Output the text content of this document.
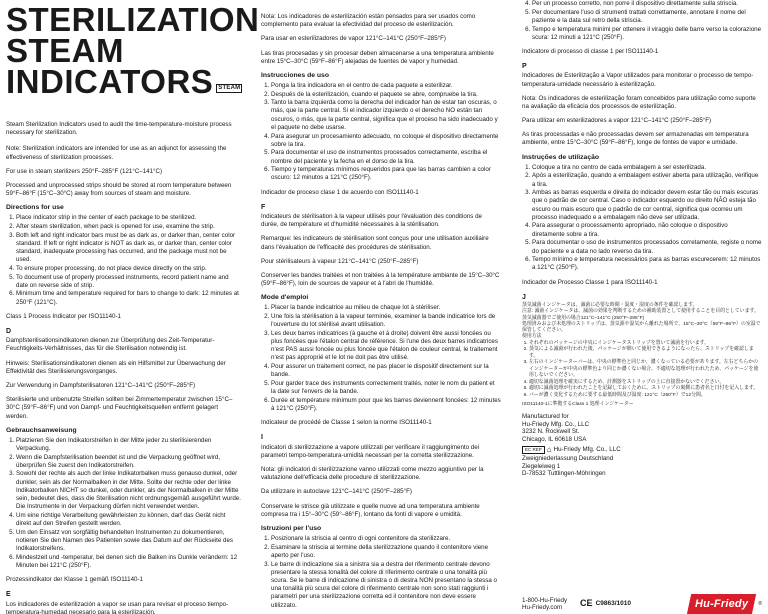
STERILIZATION
STEAM
INDICATORS STEAM

Steam Sterilization Indicators used to audit the time-temperature-moisture process necessary for sterilization.

Note: Sterilization indicators are intended for use as an adjunct for assessing the effectiveness of sterilization processes.

For use in steam sterilizers 250°F–285°F (121°C–141°C)

Processed and unprocessed strips should be stored at room temperature between 59°F–86°F (15°C–30°C) away from sources of steam and moisture.

Directions for use
1. Place indicator strip in the center of each package to be sterilized.
2. After steam sterilization, when pack is opened for use, examine the strip.
3. Both left and right indicator bars must be as dark as, or darker than, center color standard. If left or right indicator is NOT as dark as, or darker than, center color standard, inadequate processing has occurred, and the package must not be used.
4. To ensure proper processing, do not place device directly on the strip.
5. To document use of properly processed instruments, record patient name and date on reverse side of strip.
6. Minimum time and temperature required for bars to change to dark: 12 minutes at 250°F (121°C).

Class 1 Process Indicator per ISO11140-1

D

Dampfsterilisationsindikatoren dienen zur Überprüfung des Zeit-Temperatur-Feuchtigkeits-Verhältnisses, das für die Sterilisation notwendig ist.

Hinweis: Sterilisationsindikatoren dienen als ein Hilfsmittel zur Überwachung der Effektivität des Sterilisierungsvorganges.

Zur Verwendung in Dampfsterilisatoren 121°C–141°C (250°F–285°F)

Sterilisierte und unbenutzte Streifen sollten bei Zimmertemperatur zwischen 15°C–30°C (59°F–86°F) und von Dampf- und Feuchtigkeitsquellen entfernt gelagert werden.

Gebrauchsanweisung
1. Platzieren Sie den Indikatorstreifen in der Mitte jeder zu sterilisierenden Verpackung.
2. Wenn die Dampfsterilisation beendet ist und die Verpackung geöffnet wird, überprüfen Sie zuerst den Indikatorstreifen.
3. Sowohl der rechte als auch der linke Indikatorbalken muss genauso dunkel, oder dunkler, sein als der Normalbalken in der Mitte. Sollte der rechte oder der linke Indikatorbalken NICHT so dunkel, oder dunkler, als der Normalbalken in der Mitte sein, bedeutet dies, dass die Sterilisation nicht ordnungsgemäß ausgeführt wurde. Die Instrumente in der Verpackung dürfen nicht verwendet werden.
4. Um eine richtige Verarbeitung gewährleisten zu können, darf das Gerät nicht direkt auf den Streifen gestellt werden.
5. Um den Einsatz von sorgfältig behandelten Instrumenten zu dokumentieren, notieren Sie den Namen des Patienten sowie das Datum auf der Rückseite des Indikatorstreifens.
6. Mindestzeit und -temperatur, bei denen sich die Balken ins Dunkle verändern: 12 Minuten bei 121°C (250°F).

Prozessindikator der Klasse 1 gemäß ISO11140-1

E

Los indicadores de esterilización a vapor se usan para revisar el proceso tiempo-temperatura-humedad necesario para la esterilización.

Nota: Los indicadores de esterilización están pensados para ser usados como complemento para evaluar la efectividad del proceso de esterilización.

Para usar en esterilizadores de vapor 121°C–141°C (250°F–285°F)

Las tiras procesadas y sin procesar deben almacenarse a una temperatura ambiente entre 15°C–30°C (59°F–86°F) alejadas de fuentes de vapor y humedad.

Instrucciones de uso
1. Ponga la tira indicadora en el centro de cada paquete a esterilizar.
2. Después de la esterilización, cuando el paquete se abre, compruebe la tira.
3. Tanto la barra izquierda como la derecha del indicador han de estar tan oscuras, o más, que la parte central. Si el indicador izquierdo o el derecho NO están tan oscuros, o más, que la parte central, significa que el proceso ha sido inadecuado y el paquete no debe usarse.
4. Para asegurar un procesamiento adecuado, no coloque el dispositivo directamente sobre la tira.
5. Para documentar el uso de instrumentos procesados correctamente, escriba el nombre del paciente y la fecha en el dorso de la tira.
6. Tiempo y temperaturas mínimos requeridos para que las barras cambien a color oscuro: 12 minutos a 121°C (250°F).

Indicador de proceso clase 1 de acuerdo con ISO11140-1

F

Indicateurs de stérilisation à la vapeur utilisés pour l'évaluation des conditions de durée, de température et d'humidité nécessaires à la stérilisation.

Remarque: les indicateurs de stérilisation sont conçus pour une utilisation auxiliaire dans l'évaluation de l'efficacité des procédures de stérilisation.

Pour stérilisateurs à vapeur 121°C–141°C (250°F–285°F)

Conserver les bandes traitées et non traitées à la température ambiante de 15°C–30°C (59°F–86°F), loin de sources de vapeur et à l'abri de l'humidité.

Mode d'emploi
1. Placer la bande indicatrice au milieu de chaque lot à stériliser.
2. Une fois la stérilisation à la vapeur terminée, examiner la bande indicatrice lors de l'ouverture du lot stérilisé avant utilisation.
3. Les deux barres indicatrices (à gauche et à droite) doivent être aussi foncées ou plus foncées que l'étalon central de référence. Si l'une des deux barres indicatrices n'est PAS aussi foncée ou plus foncée que l'étalon de couleur central, le traitement n'est pas approprié et le lot ne doit pas être utilisé.
4. Pour assurer un traitement correct, ne pas placer le dispositif directement sur la bande.
5. Pour garder trace des instruments correctement traités, noter le nom du patient et la date sur l'envers de la bande.
6. Durée et température minimum pour que les barres deviennent foncées: 12 minutes à 121°C (250°F).

Indicateur de procédé de Classe 1 selon la norme ISO11140-1

I

Indicatori di sterilizzazione a vapore utilizzati per verificare il raggiungimento dei parametri tempo-temperatura-umidità necessari per la corretta sterilizzazione.

Nota: gli indicatori di sterilizzazione vanno utilizzati come mezzo aggiuntivo per la valutazione dell'efficacia delle procedure di sterilizzazione.

Da utilizzare in autoclave 121°C–141°C (250°F–285°F)

Conservare le strisce già utilizzate e quelle nuove ad una temperatura ambiente compresa tra i 15°–30°C (59°–86°F), lontano da fonti di vapore e umidità.

Istruzioni per l'uso
1. Posizionare la striscia al centro di ogni contenitore da sterilizzare.
2. Esaminare la striscia al termine della sterilizzazione quando il contenitore viene aperto per l'uso.
3. Le barre di indicazione sia a sinistra sia a destra del riferimento centrale devono presentare la stessa tonalità del colore di riferimento centrale o una tonalità più scura. Se le barre di indicazione di sinistra o di destra NON presentano la stessa o una tonalità più scura del colore di riferimento centrale non sono stati raggiunti i parametri per una sterilizzazione corretta ed il contenitore non deve essere utilizzato.
4. Per un processo corretto, non porre il dispositivo direttamente sulla striscia.
5. Per documentare l'uso di strumenti trattati correttamente, annotare il nome del paziente e la data sul retro della striscia.
6. Tempo e temperatura minimi per ottenere il viraggio delle barre verso la colorazione scura: 12 minuti a 121°C (250°F).

Indicatore di processo di classe 1 per ISO11140-1

P

Indicadores de Esterilização a Vapor utilizados para monitorar o processo de tempo-temperatura-umidade necessário à esterilização.

Nota: Os indicadores de esterilização foram concebidos para utilização como suporte na avaliação da eficácia dos processos de esterilização.

Para utilizar em esterilizadores a vapor 121°C–141°C (250°F–285°F)

As tiras processadas e não processadas devem ser armazenadas em temperatura ambiente, entre 15°C–30°C (59°F–86°F), longe de fontes de vapor e umidade.

Instruções de utilização
1. Coloque a tira no centro de cada embalagem a ser esterilizada.
2. Após a esterilização, quando a embalagem estiver aberta para utilização, verifique a tira.
3. Ambas as barras esquerda e direita do indicador devem estar tão ou mais escuras que o padrão de cor central. Caso o indicador esquerdo ou direito NÃO esteja tão escuro ou mais escuro que o padrão de cor central, significa que ocorreu um processo inadequado e a embalagem não deve ser utilizada.
4. Para assegurar o processamento apropriado, não coloque o dispositivo diretamente sobre a tira.
5. Para documentar o uso de instrumentos processados corretamente, registe o nome do paciente e a data no lado reverso da tira.
6. Tempo mínimo e temperatura necessários para as barras escurecerem: 12 minutos a 121°C (250°F).

Indicador de Processo Classe 1 para ISO11140-1

J
蒸気滅菌インジケータは、滅菌に必要な時間・温度・湿度の条件を確認します。
注意: 滅菌インジケータは、滅菌の効果を判断するための補助装置として使用することを目的としています。
蒸気滅菌器でご使用の場合121°C–141°C (250°F–285°F)
処理済みおよび未処理のストリップは、蒸気源や湿気から離れた場所で、15°C–30°C（59°F–86°F）の室温で保管してください。
使用方法
1. それぞれのパッケージの中央にインジケータストリップを置いて滅菌を行います。
2. 蒸気による滅菌が行われた後、パッケージが開いて使用できるようになったら、ストリップを確認します。
3. 左右のインジケーターバーは、中央の標準色と同じか、濃くなっている必要があります。左右どちらかのインジケーターが中央の標準色より同じか濃くない場合、不適切な処理が行われたため、パッケージを使用しないでください。
4. 適切な滅菌処理を確実にするため、計測器をストリップの上に直接置かないでください。
5. 適切に滅菌処理が行われたことを記録しておくために、ストリップの裏側に患者名と日付を記入します。
6. バーが濃く変化するために要する最低時間及び温度: 121°C（250°F）で12分間。
ISO11140-1に準拠するClass 1 処理インジケーター
Manufactured for
Hu-Friedy Mfg. Co., LLC
3232 N. Rockwell St.
Chicago, IL 60618 USA
EC REP ⌂ Hu-Friedy Mfg. Co., LLC
Zweigniederlassung Deutschland
Ziegeleiweg 1
D-78532 Tuttlingen-Möhringen
1-800-Hu-Friedy
Hu-Friedy.com	CE C9863/1010	Hu-Friedy	®
